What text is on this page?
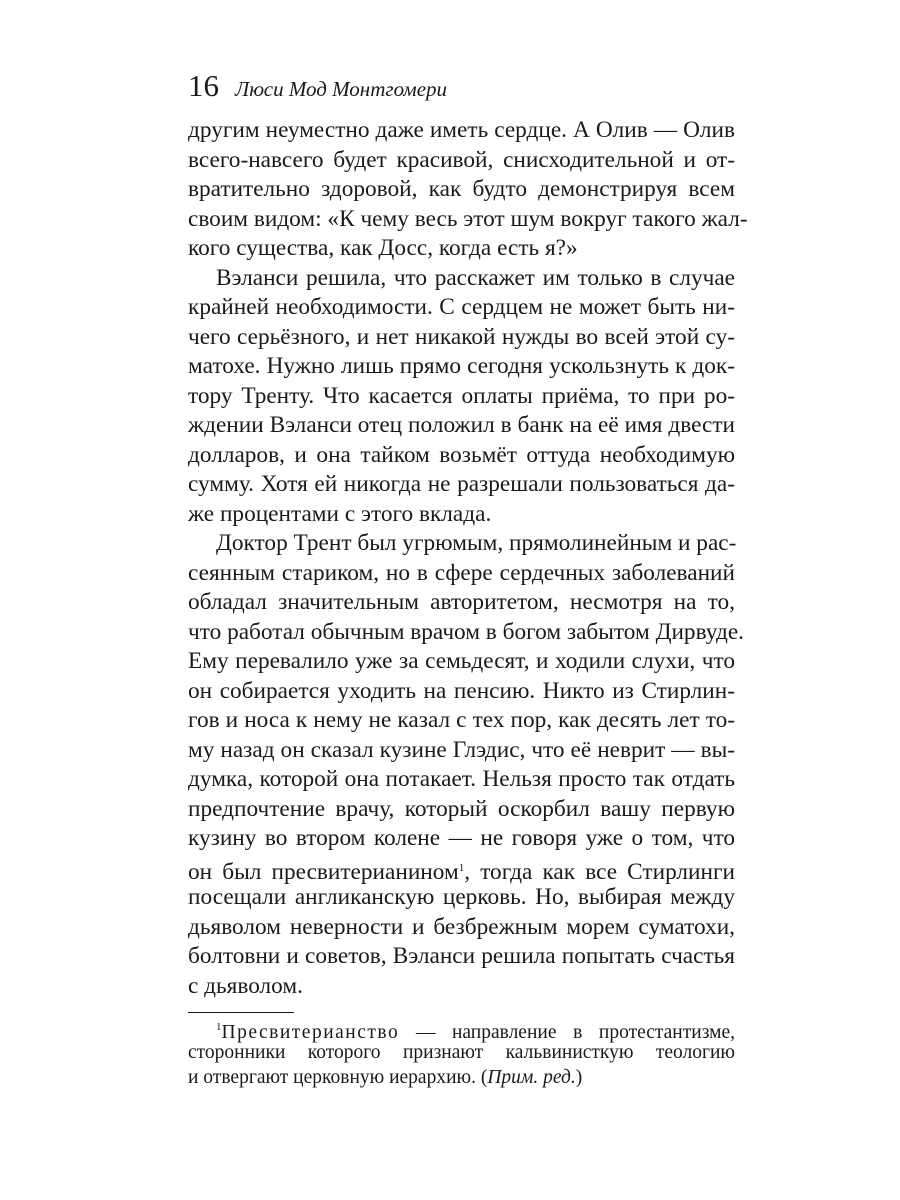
16 Люси Мод Монтгомери
другим неуместно даже иметь сердце. А Олив — Олив
всего-навсего будет красивой, снисходительной и от-
вратительно здоровой, как будто демонстрируя всем
своим видом: «К чему весь этот шум вокруг такого жал-
кого существа, как Досс, когда есть я?»
Вэланси решила, что расскажет им только в случае
крайней необходимости. С сердцем не может быть ни-
чего серьёзного, и нет никакой нужды во всей этой су-
матохе. Нужно лишь прямо сегодня ускользнуть к док-
тору Тренту. Что касается оплаты приёма, то при ро-
ждении Вэланси отец положил в банк на её имя двести
долларов, и она тайком возьмёт оттуда необходимую
сумму. Хотя ей никогда не разрешали пользоваться да-
же процентами с этого вклада.
Доктор Трент был угрюмым, прямолинейным и рас-
сеянным стариком, но в сфере сердечных заболеваний
обладал значительным авторитетом, несмотря на то,
что работал обычным врачом в богом забытом Дирвуде.
Ему перевалило уже за семьдесят, и ходили слухи, что
он собирается уходить на пенсию. Никто из Стирлин-
гов и носа к нему не казал с тех пор, как десять лет то-
му назад он сказал кузине Глэдис, что её неврит — вы-
думка, которой она потакает. Нельзя просто так отдать
предпочтение врачу, который оскорбил вашу первую
кузину во втором колене — не говоря уже о том, что
он был пресвитерианином$^1$, тогда как все Стирлинги
посещали англиканскую церковь. Но, выбирая между
дьяволом неверности и безбрежным морем суматохи,
болтовни и советов, Вэланси решила попытать счастья
с дьяволом.
$^1$Пресвитерианство — направление в протестантизме,
сторонники которого признают кальвинисткую теологию
и отвергают церковную иерархию. (Прим. ред.)
